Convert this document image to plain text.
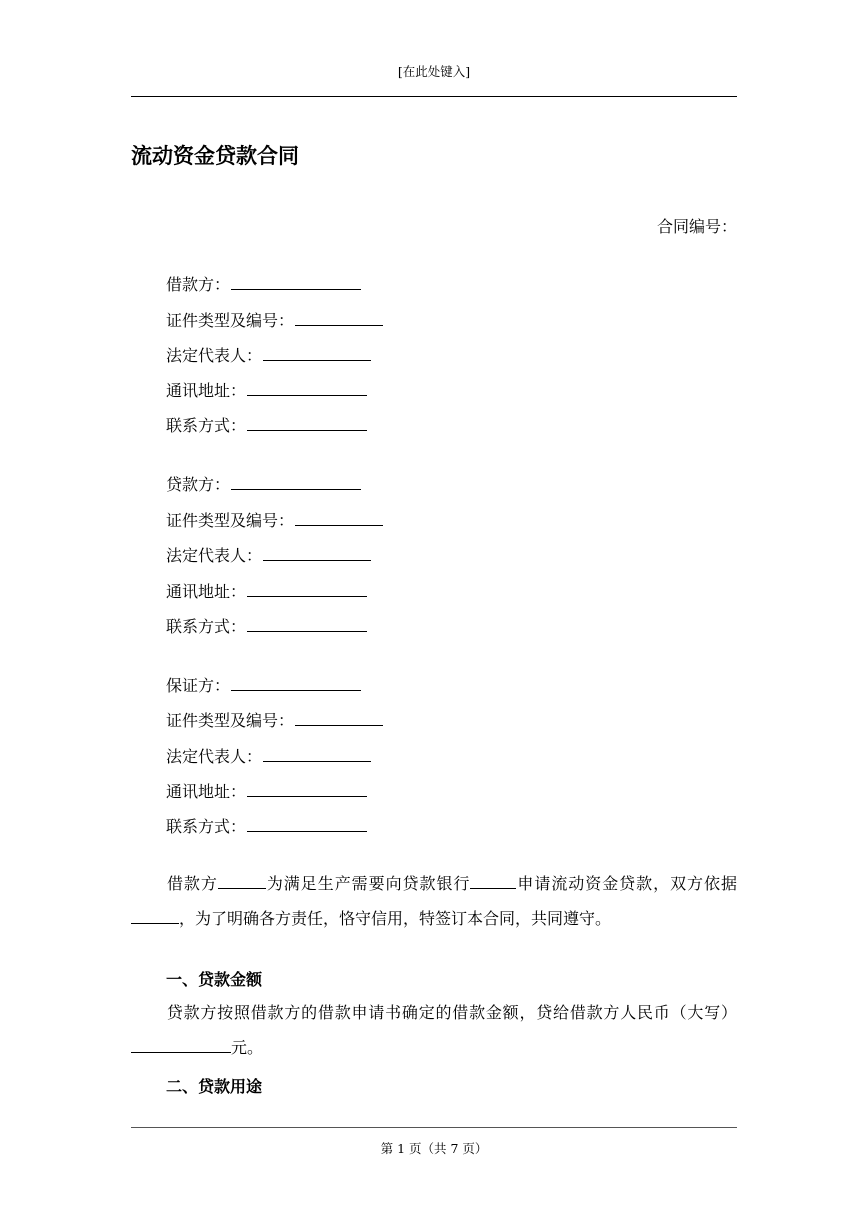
[在此处键入]
流动资金贷款合同
合同编号：
借款方：
证件类型及编号：
法定代表人：
通讯地址：
联系方式：
贷款方：
证件类型及编号：
法定代表人：
通讯地址：
联系方式：
保证方：
证件类型及编号：
法定代表人：
通讯地址：
联系方式：

借款方	为满足生产需要向贷款银行	申请流动资金贷款，双方依据，为了明确各方责任，恪守信用，特签订本合同，共同遵守。

一、贷款金额

贷款方按照借款方的借款申请书确定的借款金额，贷给借款方人民币（大写）元。

二、贷款用途
第 1 页（共 7 页）
